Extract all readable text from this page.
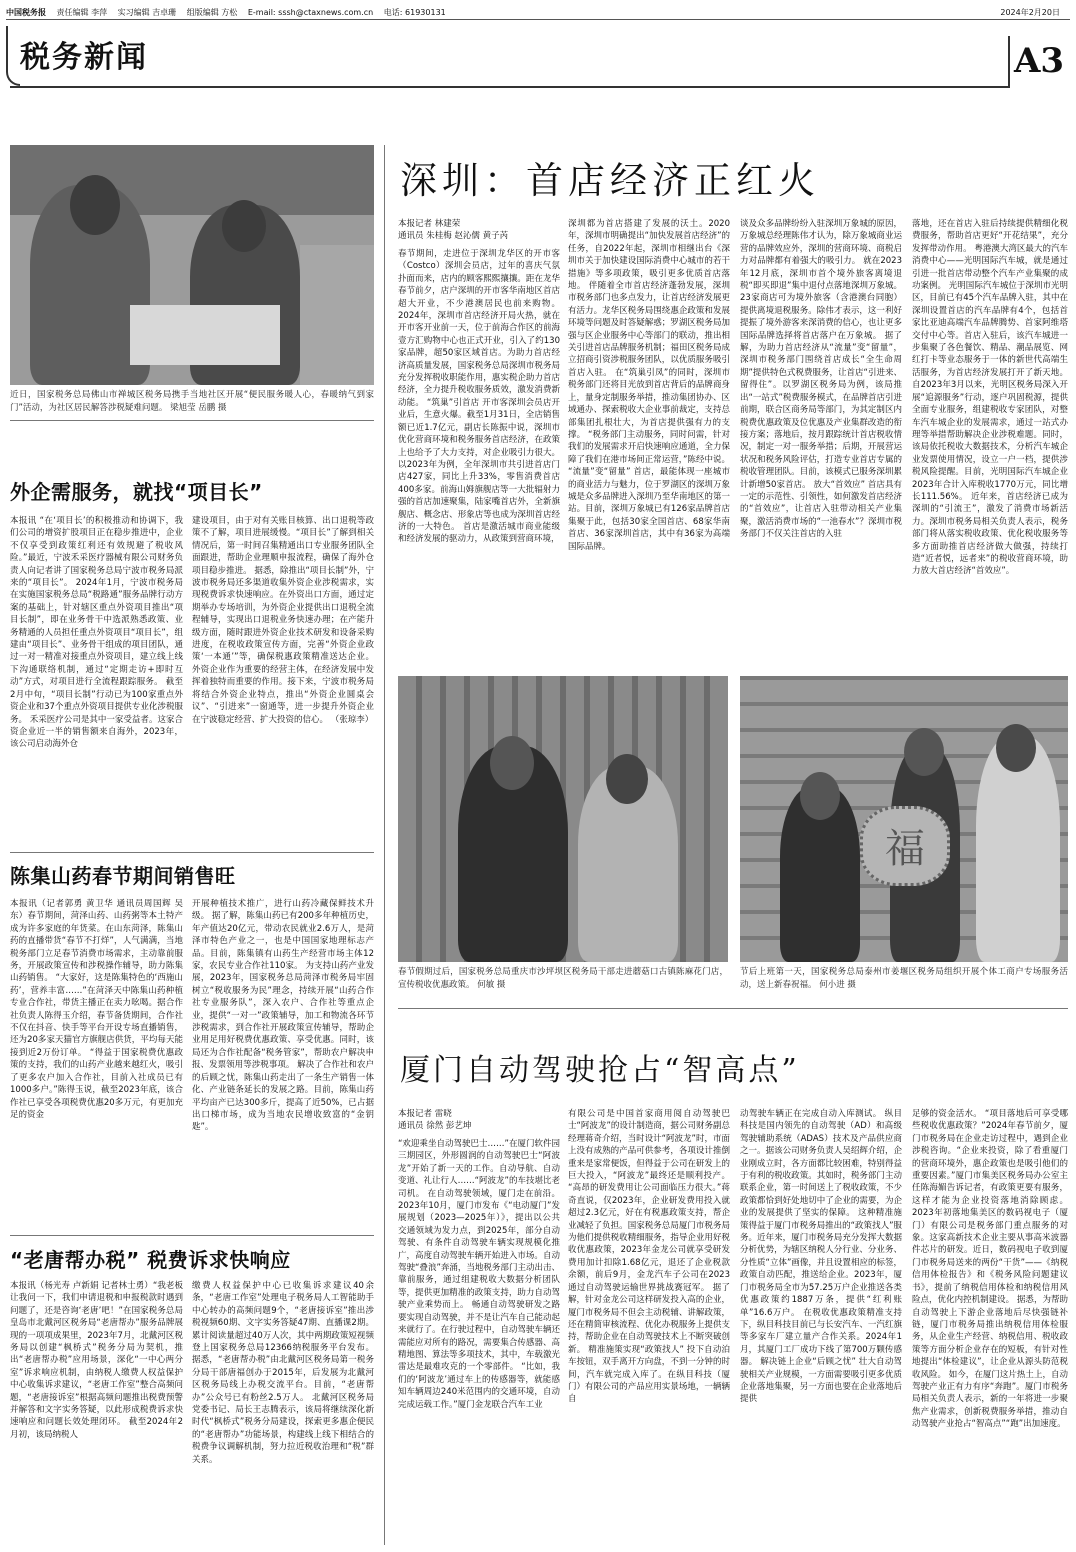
中国税务报 责任编辑 李萍 实习编辑 吉卓珊 组版编辑 方松 E-mail: sssh@ctaxnews.com.cn 电话: 61930131	2024年2月20日
税务新闻	A3
近日，国家税务总局佛山市禅城区税务局携手当地社区开展“便民服务暖人心，春暖纳气到家门”活动，为社区居民解答涉税疑难问题。 梁旭莹 岳鹏 摄
外企需服务，就找“项目长”
本报讯 “在‘项目长’的积极推动和协调下，我们公司的增资扩股项目正在稳步推进中，企业不仅享受到政策红利还有效规避了税收风险。”最近，宁波禾采医疗器械有限公司财务负责人向记者讲了国家税务总局宁波市税务局派来的“项目长”。 2024年1月，宁波市税务局在实施国家税务总局“税路通”服务品牌行动方案的基础上，针对辖区重点外资项目推出“项目长制”，即在业务骨干中选派熟悉政策、业务精通的人员担任重点外资项目“项目长”，组建由“项目长”、业务骨干组成的项目团队，通过一对一精准对接重点外资项目，建立线上线下沟通联络机制，通过“定期走访+即时互动”方式，对项目进行全流程跟踪服务。 截至2月中旬，“项目长制”行动已为100家重点外资企业和37个重点外资项目提供专业化涉税服务。 禾采医疗公司是其中一家受益者。这家合资企业近一半的销售额来自海外，2023年，该公司启动海外仓
建设项目，由于对有关账目核算、出口退税等政策不了解，项目进展缓慢。“项目长”了解到相关情况后，第一时间召集精通出口专业服务团队全面跟进，帮助企业理顺申报流程，确保了海外仓项目稳步推进。 据悉，除推出“项目长制”外，宁波市税务局还多渠道收集外资企业涉税需求，实现税费诉求快速响应。在外资出口方面，通过定期举办专场培训，为外资企业提供出口退税全流程辅导，实现出口退税业务快速办理；在产能升级方面，随时跟进外资企业技术研发和设备采购进度，在税收政策宣传方面，完善“外资企业政策‘一本通’”等，确保税惠政策精准送达企业。 外资企业作为重要的经营主体，在经济发展中发挥着独特而重要的作用。接下来，宁波市税务局将结合外资企业特点，推出“外资企业圆桌会议”、“引进来”一窗通等，进一步提升外资企业在宁波稳定经营、扩大投资的信心。 （张琼李）
陈集山药春节期间销售旺
本报讯（记者郭勇 黄卫华 通讯员周国辉 吴东）春节期间，菏泽山药、山药粥等本土特产成为许多家庭的年货菜。在山东菏泽，陈集山药的直播带货“春节不打烊”，人气满满，当地税务部门立足春节消费市场需求，主动靠前服务，开展政策宣传和涉税操作辅导，助力陈集山药销售。 “大家好，这是陈集特色的‘西施山药’，营养丰富……”在菏泽天中陈集山药种植专业合作社，带货主播正在卖力吆喝。据合作社负责人陈得玉介绍，春节备货期间，合作社不仅在抖音、快手等平台开设专场直播销售，还为20多家天猫官方旗舰店供货，平均每天能接到近2万份订单。 “得益于国家税费优惠政策的支持，我们的山药产业越来越红火，吸引了更多农户加入合作社，目前入社成员已有1000多户。”陈得玉说，截至2023年底，该合作社已享受各项税费优惠20多万元，有更加充足的资金
开展种植技术推广，进行山药冷藏保鲜技术升级。 据了解，陈集山药已有200多年种植历史，年产值达20亿元，带动农民就业2.6万人，是菏泽市特色产业之一，也是中国国家地理标志产品。目前，陈集镇有山药生产经营市场主体12家，农民专业合作社110家。 为支持山药产业发展，2023年，国家税务总局菏泽市税务局牢固树立“税收服务为民”理念，持续开展“山药合作社专业服务队”，深入农户、合作社等重点企业，提供“一对一”政策辅导，加工和物流各环节涉税需求，到合作社开展政策宣传辅导，帮助企业用足用好税费优惠政策、享受优惠。同时，该局还为合作社配备“税务管家”，帮助农户解决申报、发票领用等涉税事项。 解决了合作社和农户的后顾之忧，陈集山药走出了一条生产销售一体化、产业链条延长的发展之路。目前，陈集山药平均亩产已达300多斤，提高了近50%，已占据出口梯市场，成为当地农民增收致富的“金钥匙”。
“老唐帮办税” 税费诉求快响应
本报讯（杨光寿 卢新娟 记者林士勇）“我老板让我问一下，我们申请退税和申报税款时遇到问题了，还是咨询‘老唐’吧！”在国家税务总局皇岛市北戴河区税务局“老唐帮办”服务品牌展现的一项项成果里，2023年7月，北戴河区税务局以创建“枫桥式”税务分局为契机，推出“老唐帮办税”应用场景，深化“一中心两分室”诉求响应机制，由纳税人缴费人权益保护中心收集诉求建议，“老唐工作室”整合高频问题，“老唐接诉室”根据高频问题推出税费预警并解答和文字实务答疑，以此形成税费诉求快速响应和问题长效处理闭环。 截至2024年2月初，该局纳税人
缴费人权益保护中心已收集诉求建议40余条，“老唐工作室”处理电子税务局人工智能助手中心转办的高频问题9个，“老唐接诉室”推出涉税视频60期、文字实务答疑47期、直播课2期。累计阅读量超过40万人次，其中两期政策短视频登上国家税务总局12366纳税服务平台发布。 据悉，“老唐帮办税”由北戴河区税务局第一税务分局干部唐福创办于2015年，后发展为北戴河区税务局线上办税交流平台。目前，“老唐帮办”公众号已有粉丝2.5万人。 北戴河区税务局党委书记、局长王志腾表示，该局将继续深化新时代“枫桥式”税务分局建设，探索更多惠企便民的“老唐帮办”功能场景，构建线上线下相结合的税费争议调解机制，努力拉近税收治理和“税”群关系。
深圳：首店经济正红火
本报记者 林建荣
通讯员 朱桂梅 赵沁儒 黄子芮
春节期间，走进位于深圳龙华区的开市客（Costco）深圳会员店，过年的喜庆气氛扑面而来，店内的顾客熙熙攘攘。距在龙华春节前夕，店户深圳的开市客华南地区首店超大开业，不少港澳居民也前来购物。 2024年，深圳市首店经济开局火热，就在开市客开业前一天，位于前海合作区的前海壹方汇购物中心也正式开业，引入了约130家品牌，超50家区域首店。为助力首店经济高质量发展，国家税务总局深圳市税务局充分发挥税收职能作用，惠实税企助力首店经济，全力提升税收服务质效，激发消费新动能。 “筑巢”引首店 开市客深圳会员店开业后，生意火爆。截至1月31日，全店销售额已近1.7亿元，副店长陈振中说，深圳市优化营商环境和税务服务首店经济，在政策上也给予了大力支持，对企业吸引力很大。 以2023年为例，全年深圳市共引进首店门店427家，同比上升33%，零售消费首店400多家。前海山姆旗舰店等一大批辐射力强的首店加速聚集，陆家嘴首店外，全新旗舰店、概念店、形象店等也成为深圳首店经济的一大特色。 首店是激活城市商业能级和经济发展的驱动力，从政策到营商环境，
深圳都为首店搭建了发展的沃土。2020年，深圳市明确提出“加快发展首店经济”的任务，自2022年起，深圳市相继出台《深圳市关于加快建设国际消费中心城市的若干措施》等多项政策，吸引更多优质首店落地。 伴随着全市首店经济蓬勃发展，深圳市税务部门也多点发力，让首店经济发展更有活力。龙华区税务局围绕惠企政策和发展环境等问题及时答疑解惑；罗湖区税务局加强与区企业服务中心等部门的联动，推出相关引进首店品牌服务机制；福田区税务局成立招商引资涉税服务团队，以优质服务吸引首店入驻。 在“筑巢引凤”的同时，深圳市税务部门还将目光放到首店背后的品牌商身上，量身定制服务举措，推动集团协办、区域通办、探索税收大企业事前裁定，支持总部集团扎根壮大，为首店提供强有力的支撑。 “税务部门主动服务，同时问需，针对我们的发展需求开启快速响应通道，全力保障了我们在港市场间正常运营，”陈经中说。 “流量”变“留量” 首店，最能体现一座城市的商业活力与魅力，位于罗湖区的深圳万象城是众多品牌进入深圳乃至华南地区的第一站。目前，深圳万象城已有126家品牌首店集聚于此，包括30家全国首店、68家华南首店、36家深圳首店，其中有36家为高端国际品牌。
谈及众多品牌纷纷入驻深圳万象城的原因，万象城总经理陈伟才认为，除万象城商业运营的品牌效应外，深圳的营商环境、商税启力对品牌都有着强大的吸引力。 就在2023年12月底，深圳市首个境外旅客离境退税“即买即退”集中退付点落地深圳万象城。23家商店可为境外旅客（含港澳台同胞）提供离境退税服务。除伟才表示，这一利好提振了境外游客来深消费的信心，也让更多国际品牌选择将首店落户在万象城。 据了解，为助力首店经济从“流量”变“留量”，深圳市税务部门围绕首店成长“全生命周期”提供特色式税费服务，让首店“引进来、留得住”。以罗湖区税务局为例，该局推出“一站式”税费服务模式，在品牌首店引进前期，联合区商务局等部门，为其定制区内税费优惠政策及位优惠及产业集群改造的衔接方案；落地后，按月跟踪统计首店税收情况，制定一对一服务举措；后期，开展营运状况和税务风险评估，打造专业首店专属的税收管理团队。目前，该模式已服务深圳累计新增50家首店。 放大“首效应” 首店具有一定的示范性、引领性，如何激发首店经济的“首效应”，让首店入驻带动相关产业集聚，激活消费市场的“一池春水”？深圳市税务部门不仅关注首店的入驻
落地，还在首店入驻后持续提供精细化税费服务，帮助首店更好“开花结果”，充分发挥带动作用。 粤港澳大湾区最大的汽车消费中心——光明国际汽车城，就是通过引进一批首店带动整个汽车产业集聚的成功案例。 光明国际汽车城位于深圳市光明区，目前已有45个汽车品牌入驻，其中在深圳设置首店的汽车品牌有4个，包括首家比亚迪高端汽车品牌腾势、首家阿维塔交付中心等。首店入驻后，该汽车城进一步集聚了各色餐饮、精品、潮品展览、网红打卡等业态服务于一体的新世代高端生活服务，为首店经济发展打开了新天地。 自2023年3月以来，光明区税务局深入开展“追源服务”行动，逐户巩固税源，提供全面专业服务，组建税收专家团队，对整车汽车城企业的发展需求，通过一站式办理等举措帮助解决企业涉税难题。同时，该局依托税收大数据技术，分析汽车城企业发票使用情况，设立一户一档，提供涉税风险提醒。目前，光明国际汽车城企业2023年合计入库税收1770万元，同比增长111.56%。 近年来，首店经济已成为深圳的“引流王”，激发了消费市场新活力。深圳市税务局相关负责人表示，税务部门将从落实税收政策、优化税收服务等多方面助推首店经济做大做强，持续打造“近者悦，远者来”的税收营商环境，助力放大首店经济“首效应”。
春节假期过后，国家税务总局重庆市沙坪坝区税务局干部走进蘑菇口古镇陈麻花门店，宣传税收优惠政策。 何敏 摄
福
节后上班第一天，国家税务总局泰州市姜堰区税务局组织开展个体工商户专场服务活动，送上新春祝福。 何小进 摄
厦门自动驾驶抢占“智高点”
本报记者 雷晓
通讯员 徐然 彭艺坤
“欢迎乘坐自动驾驶巴士……”在厦门软件园三期园区，外形圆润的自动驾驶巴士“阿波龙”开始了新一天的工作。自动导航、自动变道、礼让行人……“阿波龙”的车技堪比老司机。 在自动驾驶领域，厦门走在前沿。2023年10月，厦门市发布《“电动厦门”发展规划（2023—2025年）》，提出以公共交通领域为发力点，到2025年，部分自动驾驶、有条件自动驾驶车辆实现规模化推广，高度自动驾驶车辆开始进入市场。自动驾驶“叠浪”奔涌，当地税务部门主动出击、靠前服务，通过组建税收大数据分析团队等，提供更加精准的政策支持，助力自动驾驶产业乘势而上。 畅通自动驾驶研发之路 要实现自动驾驶，并不是让汽车自己能动起来就行了。在行驶过程中，自动驾驶车辆还需能应对所有的路况，需要集合传感器、高精地图、算法等多项技术，其中，车载激光雷达是最难攻克的一个零部件。 “比如，我们的‘阿波龙’通过车上的传感器等，就能感知车辆周边240米范围内的交通环境，自动完成运载工作。”厦门金龙联合汽车工业
有限公司是中国首家商用阅自动驾驶巴士“阿波龙”的设计制造商，据公司财务副总经理蒋奇介绍，当时设计“阿波龙”时，市面上没有成熟的产品可供参考，各项设计推倒重来是家常便饭，但得益于公司在研发上的巨大投入，“阿波龙”最终还是顺利投产。 “高昂的研发费用让公司面临压力很大。”蒋奇直说，仅2023年，企业研发费用投入就超过2.3亿元，好在有税惠政策支持，帮企业减轻了负担。国家税务总局厦门市税务局为他们提供税收精细服务，指导企业用好税收优惠政策，2023年金龙公司就享受研发费用加计扣除1.68亿元，退还了企业税款余额，前后9月，金龙汽车子公司在2023通过自动驾驶运输世界挑战赛冠军。 据了解，针对金龙公司这样研发投入高的企业，厦门市税务局不但会主动税辅、讲解政策，还在精简审核流程、优化办税服务上提供支持，帮助企业在自动驾驶技术上不断突破创新。 精准施策实现“政策找人” 投下自动泊车按钮，双手离开方向盘，不到一分钟的时间，汽车就完成入库了。在纵目科技（厦门）有限公司的产品应用实景场地，一辆辆自
动驾驶车辆正在完成自动入库测试。 纵目科技是国内领先的自动驾驶（AD）和高级驾驶辅助系统（ADAS）技术及产品供应商之一。据该公司财务负责人吴绍辉介绍，企业刚成立时，各方面都比较困难，特别得益于有利的税收政策。其如时，税务部门主动联系企业，第一时间送上了税收政策，不少政策都恰到好处地切中了企业的需要，为企业的发展提供了坚实的保障。 这种精准施策得益于厦门市税务局推出的“政策找人”服务。近年来，厦门市税务局充分发挥大数据分析优势，为辖区纳税人分行业、分业务、分性质“立体”画像，并且设置相应的标签，政策自动匹配，推送给企业。2023年，厦门市税务局全市为57.25万户企业推送各类优惠政策约1887万条，提供“红利账单”16.6万户。 在税收优惠政策精准支持下，纵目科技目前已与长安汽车、一汽红旗等多家车厂建立量产合作关系。2024年1月，其厦门工厂成功下线了第700万颗传感器。 解决链上企业“后顾之忧” 壮大自动驾驶相关产业规模，一方面需要吸引更多优质企业落地集聚，另一方面也要在企业落地后提供
足够的资金活水。 “项目落地后可享受哪些税收优惠政策？”2024年春节前夕，厦门市税务局在企业走访过程中，遇到企业涉税咨询。“企业来投资，除了看重厦门的营商环境外，惠企政策也是吸引他们的重要因素。”厦门市集美区税务局办公室主任陈海媚告诉记者，有政策更要有服务，这样才能为企业投资落地消除顾虑。 2023年初落地集美区的数码视电子（厦门）有限公司是税务部门重点服务的对象。这家高新技术企业主要从事高米波器件芯片的研发。近日，数码视电子收到厦门市税务局送来的两份“干货”——《纳税信用体检报告》和《税务风险问题建议书》，提前了纳税信用体检和纳税信用风险点，优化内控机制建设。 据悉，为帮助自动驾驶上下游企业落地后尽快强链补链，厦门市税务局推出纳税信用体检服务，从企业生产经营、纳税信用、税收政策等方面分析企业存在的短板，有针对性地提出“体检建议”，让企业从源头防范税收风险。 如今，在厦门这片热土上，自动驾驶产业正有力有序“奔跑”。厦门市税务局相关负责人表示，新的一年将进一步聚焦产业需求，创新税费服务举措，推动自动驾驶产业抢占“智高点”“跑”出加速度。
